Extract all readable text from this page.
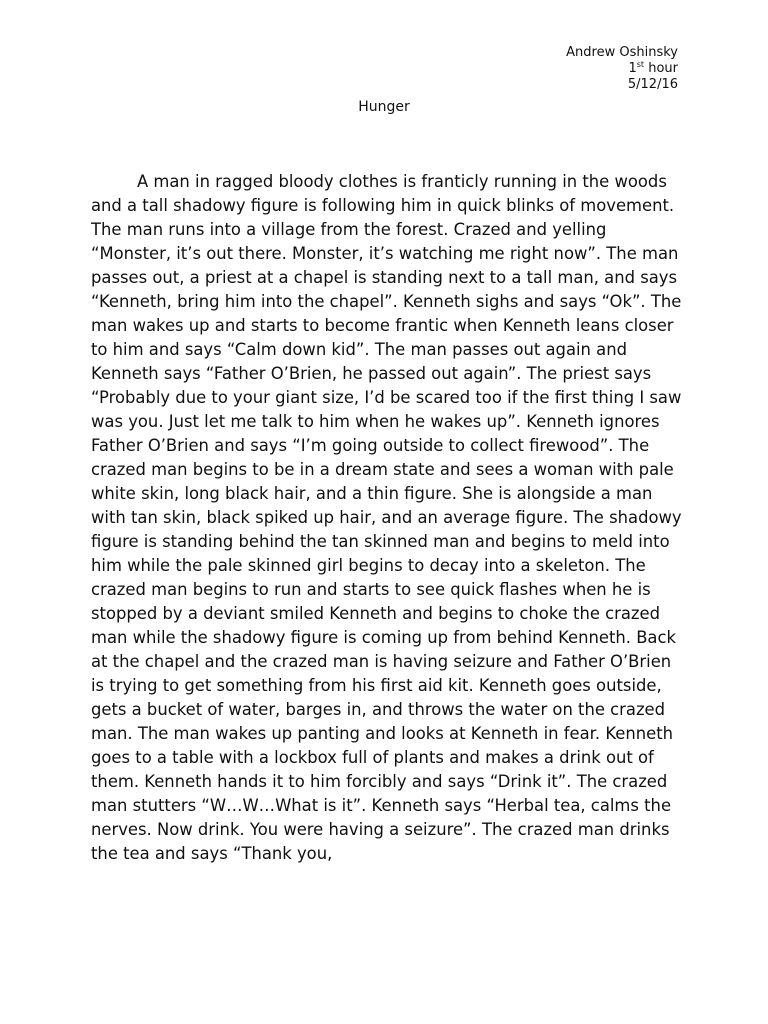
Andrew Oshinsky
1st hour
5/12/16
Hunger

A man in ragged bloody clothes is franticly running in the woods and a tall shadowy figure is following him in quick blinks of movement. The man runs into a village from the forest. Crazed and yelling “Monster, it’s out there. Monster, it’s watching me right now”. The man passes out, a priest at a chapel is standing next to a tall man, and says “Kenneth, bring him into the chapel”. Kenneth sighs and says “Ok”. The man wakes up and starts to become frantic when Kenneth leans closer to him and says “Calm down kid”. The man passes out again and Kenneth says “Father O’Brien, he passed out again”. The priest says “Probably due to your giant size, I’d be scared too if the first thing I saw was you. Just let me talk to him when he wakes up”. Kenneth ignores Father O’Brien and says “I’m going outside to collect firewood”. The crazed man begins to be in a dream state and sees a woman with pale white skin, long black hair, and a thin figure. She is alongside a man with tan skin, black spiked up hair, and an average figure. The shadowy figure is standing behind the tan skinned man and begins to meld into him while the pale skinned girl begins to decay into a skeleton. The crazed man begins to run and starts to see quick flashes when he is stopped by a deviant smiled Kenneth and begins to choke the crazed man while the shadowy figure is coming up from behind Kenneth. Back at the chapel and the crazed man is having seizure and Father O’Brien is trying to get something from his first aid kit. Kenneth goes outside, gets a bucket of water, barges in, and throws the water on the crazed man. The man wakes up panting and looks at Kenneth in fear. Kenneth goes to a table with a lockbox full of plants and makes a drink out of them. Kenneth hands it to him forcibly and says “Drink it”. The crazed man stutters “W…W…What is it”. Kenneth says “Herbal tea, calms the nerves. Now drink. You were having a seizure”. The crazed man drinks the tea and says “Thank you,
